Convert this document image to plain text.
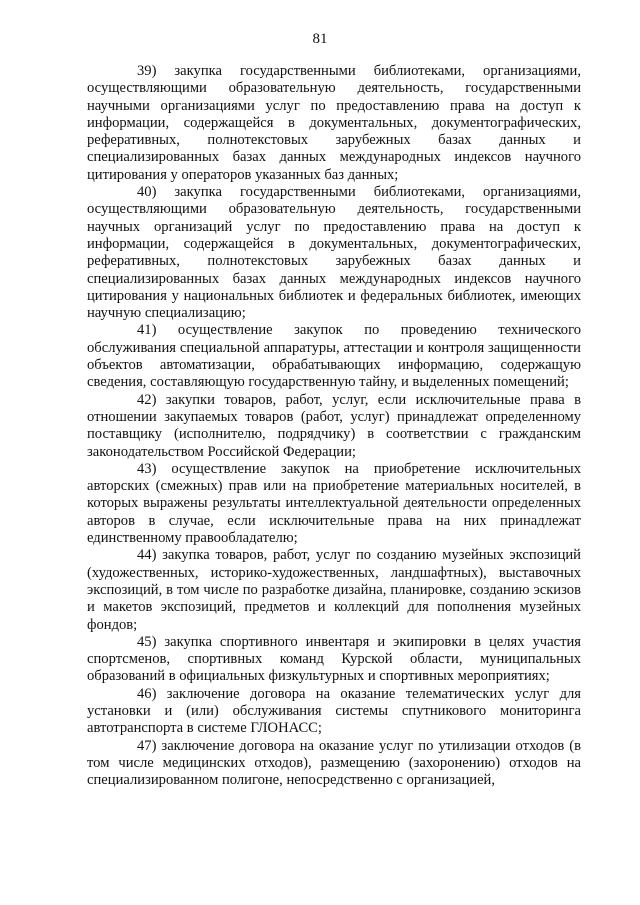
81

39) закупка государственными библиотеками, организациями, осуществляющими образовательную деятельность, государственными научными организациями услуг по предоставлению права на доступ к информации, содержащейся в документальных, документографических, реферативных, полнотекстовых зарубежных базах данных и специализированных базах данных международных индексов научного цитирования у операторов указанных баз данных;

40) закупка государственными библиотеками, организациями, осуществляющими образовательную деятельность, государственными научных организаций услуг по предоставлению права на доступ к информации, содержащейся в документальных, документографических, реферативных, полнотекстовых зарубежных базах данных и специализированных базах данных международных индексов научного цитирования у национальных библиотек и федеральных библиотек, имеющих научную специализацию;

41) осуществление закупок по проведению технического обслуживания специальной аппаратуры, аттестации и контроля защищенности объектов автоматизации, обрабатывающих информацию, содержащую сведения, составляющую государственную тайну, и выделенных помещений;

42) закупки товаров, работ, услуг, если исключительные права в отношении закупаемых товаров (работ, услуг) принадлежат определенному поставщику (исполнителю, подрядчику) в соответствии с гражданским законодательством Российской Федерации;

43) осуществление закупок на приобретение исключительных авторских (смежных) прав или на приобретение материальных носителей, в которых выражены результаты интеллектуальной деятельности определенных авторов в случае, если исключительные права на них принадлежат единственному правообладателю;

44) закупка товаров, работ, услуг по созданию музейных экспозиций (художественных, историко-художественных, ландшафтных), выставочных экспозиций, в том числе по разработке дизайна, планировке, созданию эскизов и макетов экспозиций, предметов и коллекций для пополнения музейных фондов;

45) закупка спортивного инвентаря и экипировки в целях участия спортсменов, спортивных команд Курской области, муниципальных образований в официальных физкультурных и спортивных мероприятиях;

46) заключение договора на оказание телематических услуг для установки и (или) обслуживания системы спутникового мониторинга автотранспорта в системе ГЛОНАСС;

47) заключение договора на оказание услуг по утилизации отходов (в том числе медицинских отходов), размещению (захоронению) отходов на специализированном полигоне, непосредственно с организацией,
